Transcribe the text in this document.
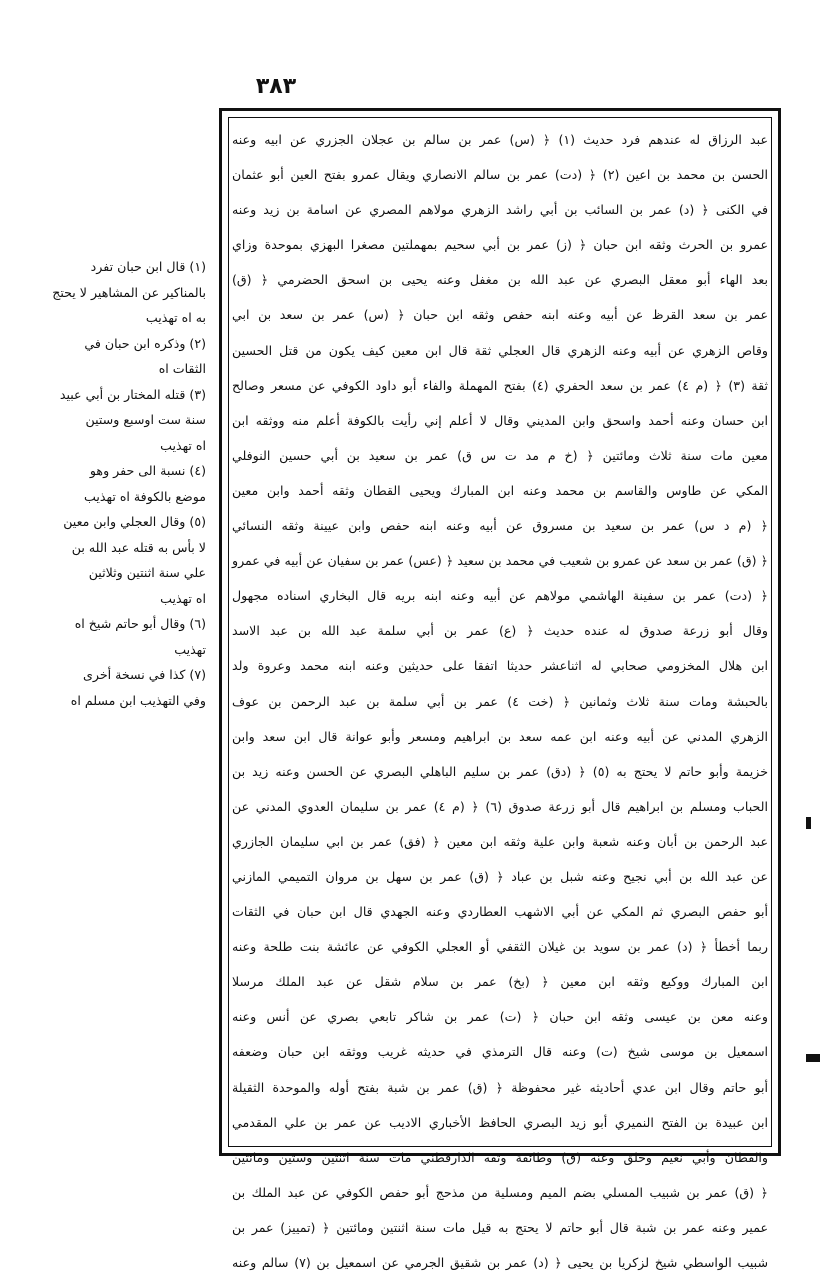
٣٨٣
عبد الرزاق له عندهم فرد حديث (١) ﴿ (س) عمر بن سالم بن عجلان الجزري عن ابيه وعنه
الحسن بن محمد بن اعين (٢) ﴿ (دت) عمر بن سالم الانصاري ويقال عمرو بفتح العين أبو عثمان
في الكنى ﴿ (د) عمر بن السائب بن أبي راشد الزهري مولاهم المصري عن اسامة بن زيد وعنه
عمرو بن الحرث وثقه ابن حبان ﴿ (ز) عمر بن أبي سحيم بمهملتين مصغرا البهزي بموحدة وزاي
بعد الهاء أبو معقل البصري عن عبد الله بن مغفل وعنه يحيى بن اسحق الحضرمي ﴿ (ق)
عمر بن سعد القرظ عن أبيه وعنه ابنه حفص وثقه ابن حبان ﴿ (س) عمر بن سعد بن ابي
وقاص الزهري عن أبيه وعنه الزهري قال العجلي ثقة قال ابن معين كيف يكون من قتل الحسين
ثقة (٣) ﴿ (م ٤) عمر بن سعد الحفري (٤) بفتح المهملة والفاء أبو داود الكوفي عن مسعر وصالح
ابن حسان وعنه أحمد واسحق وابن المديني وقال لا أعلم إني رأيت بالكوفة أعلم منه ووثقه ابن
معين مات سنة ثلاث ومائتين ﴿ (خ م مد ت س ق) عمر بن سعيد بن أبي حسين النوفلي
المكي عن طاوس والقاسم بن محمد وعنه ابن المبارك ويحيى القطان وثقه أحمد وابن معين
﴿ (م د س) عمر بن سعيد بن مسروق عن أبيه وعنه ابنه حفص وابن عيينة وثقه النسائي
﴿ (ق) عمر بن سعد عن عمرو بن شعيب في محمد بن سعيد ﴿ (عس) عمر بن سفيان عن أبيه في عمرو
﴿ (دت) عمر بن سفينة الهاشمي مولاهم عن أبيه وعنه ابنه بريه قال البخاري اسناده مجهول
وقال أبو زرعة صدوق له عنده حديث ﴿ (ع) عمر بن أبي سلمة عبد الله بن عبد الاسد
ابن هلال المخزومي صحابي له اثناعشر حديثا اتفقا على حديثين وعنه ابنه محمد وعروة ولد
بالحبشة ومات سنة ثلاث وثمانين ﴿ (خت ٤) عمر بن أبي سلمة بن عبد الرحمن بن عوف
الزهري المدني عن أبيه وعنه ابن عمه سعد بن ابراهيم ومسعر وأبو عوانة قال ابن سعد وابن
خزيمة وأبو حاتم لا يحتج به (٥) ﴿ (دق) عمر بن سليم الباهلي البصري عن الحسن وعنه زيد بن
الحباب ومسلم بن ابراهيم قال أبو زرعة صدوق (٦) ﴿ (م ٤) عمر بن سليمان العدوي المدني عن
عبد الرحمن بن أبان وعنه شعبة وابن علية وثقه ابن معين ﴿ (فق) عمر بن ابي سليمان الجازري
عن عبد الله بن أبي نجيح وعنه شبل بن عباد ﴿ (ق) عمر بن سهل بن مروان التميمي المازني
أبو حفص البصري ثم المكي عن أبي الاشهب العطاردي وعنه الجهدي قال ابن حبان في الثقات
ربما أخطأ ﴿ (د) عمر بن سويد بن غيلان الثقفي أو العجلي الكوفي عن عائشة بنت طلحة وعنه
ابن المبارك ووكيع وثقه ابن معين ﴿ (بخ) عمر بن سلام شقل عن عبد الملك مرسلا
وعنه معن بن عيسى وثقه ابن حبان ﴿ (ت) عمر بن شاكر تابعي بصري عن أنس وعنه
اسمعيل بن موسى شيخ (ت) وعنه قال الترمذي في حديثه غريب ووثقه ابن حبان وضعفه
أبو حاتم وقال ابن عدي أحاديثه غير محفوظة ﴿ (ق) عمر بن شبة بفتح أوله والموحدة الثقيلة
ابن عبيدة بن الفتح النميري أبو زيد البصري الحافظ الأخباري الاديب عن عمر بن علي المقدمي
والقطان وأبي نعيم وخلق وعنه (ق) وطائفة وثقه الدارقطني مات سنة اثنتين وستين ومائتين
﴿ (ق) عمر بن شبيب المسلي بضم الميم ومسلية من مذحج أبو حفص الكوفي عن عبد الملك بن
عمير وعنه عمر بن شبة قال أبو حاتم لا يحتج به قيل مات سنة اثنتين ومائتين ﴿ (تمييز) عمر بن
شبيب الواسطي شيخ لزكريا بن يحيى ﴿ (د) عمر بن شقيق الجرمي عن اسمعيل بن (٧) سالم وعنه
(١) قال ابن حبان تفرد
بالمناكير عن المشاهير لا يحتج
به اه تهذيب
(٢) وذكره ابن حبان في
الثقات اه
(٣) قتله المختار بن أبي عبيد
سنة ست اوسبع وستين
اه تهذيب
(٤) نسبة الى حفر وهو
موضع بالكوفة اه تهذيب
(٥) وقال العجلي وابن معين
لا بأس به قتله عبد الله بن
علي سنة اثنتين وثلاثين
اه تهذيب
(٦) وقال أبو حاتم شيخ اه
تهذيب
(٧) كذا في نسخة أخرى
وفي التهذيب ابن مسلم اه
